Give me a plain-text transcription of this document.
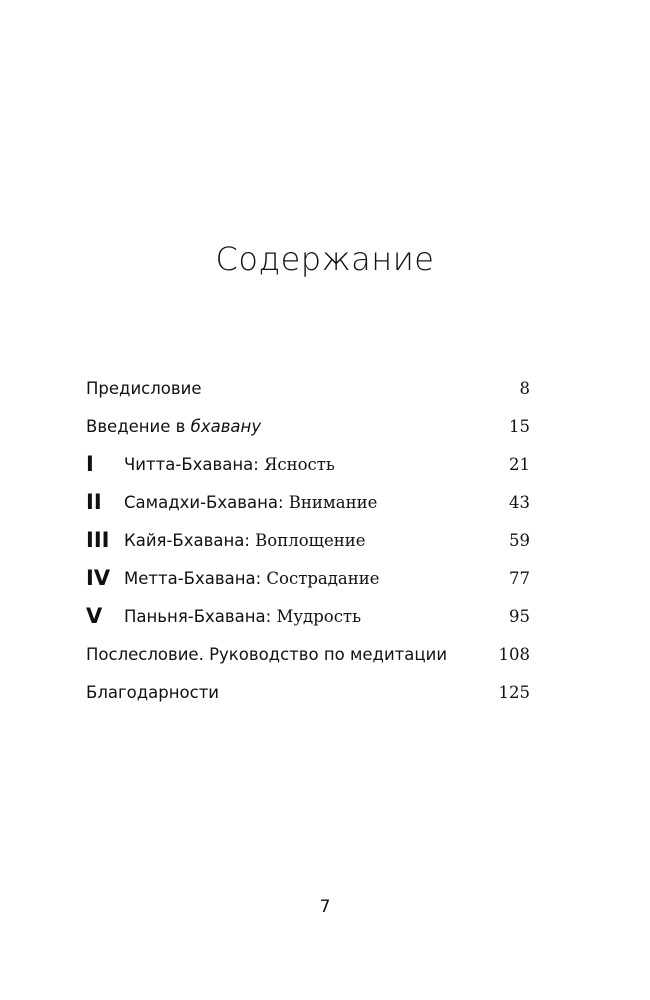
Содержание
Предисловие	8
Введение в бхавану	15
I	Читта-Бхавана: Ясность	21
II	Самадхи-Бхавана: Внимание	43
III Кайя-Бхавана: Воплощение	59
IV Метта-Бхавана: Сострадание	77
V	Паньня-Бхавана: Мудрость	95
Послесловие. Руководство по медитации	108
Благодарности	125
7
